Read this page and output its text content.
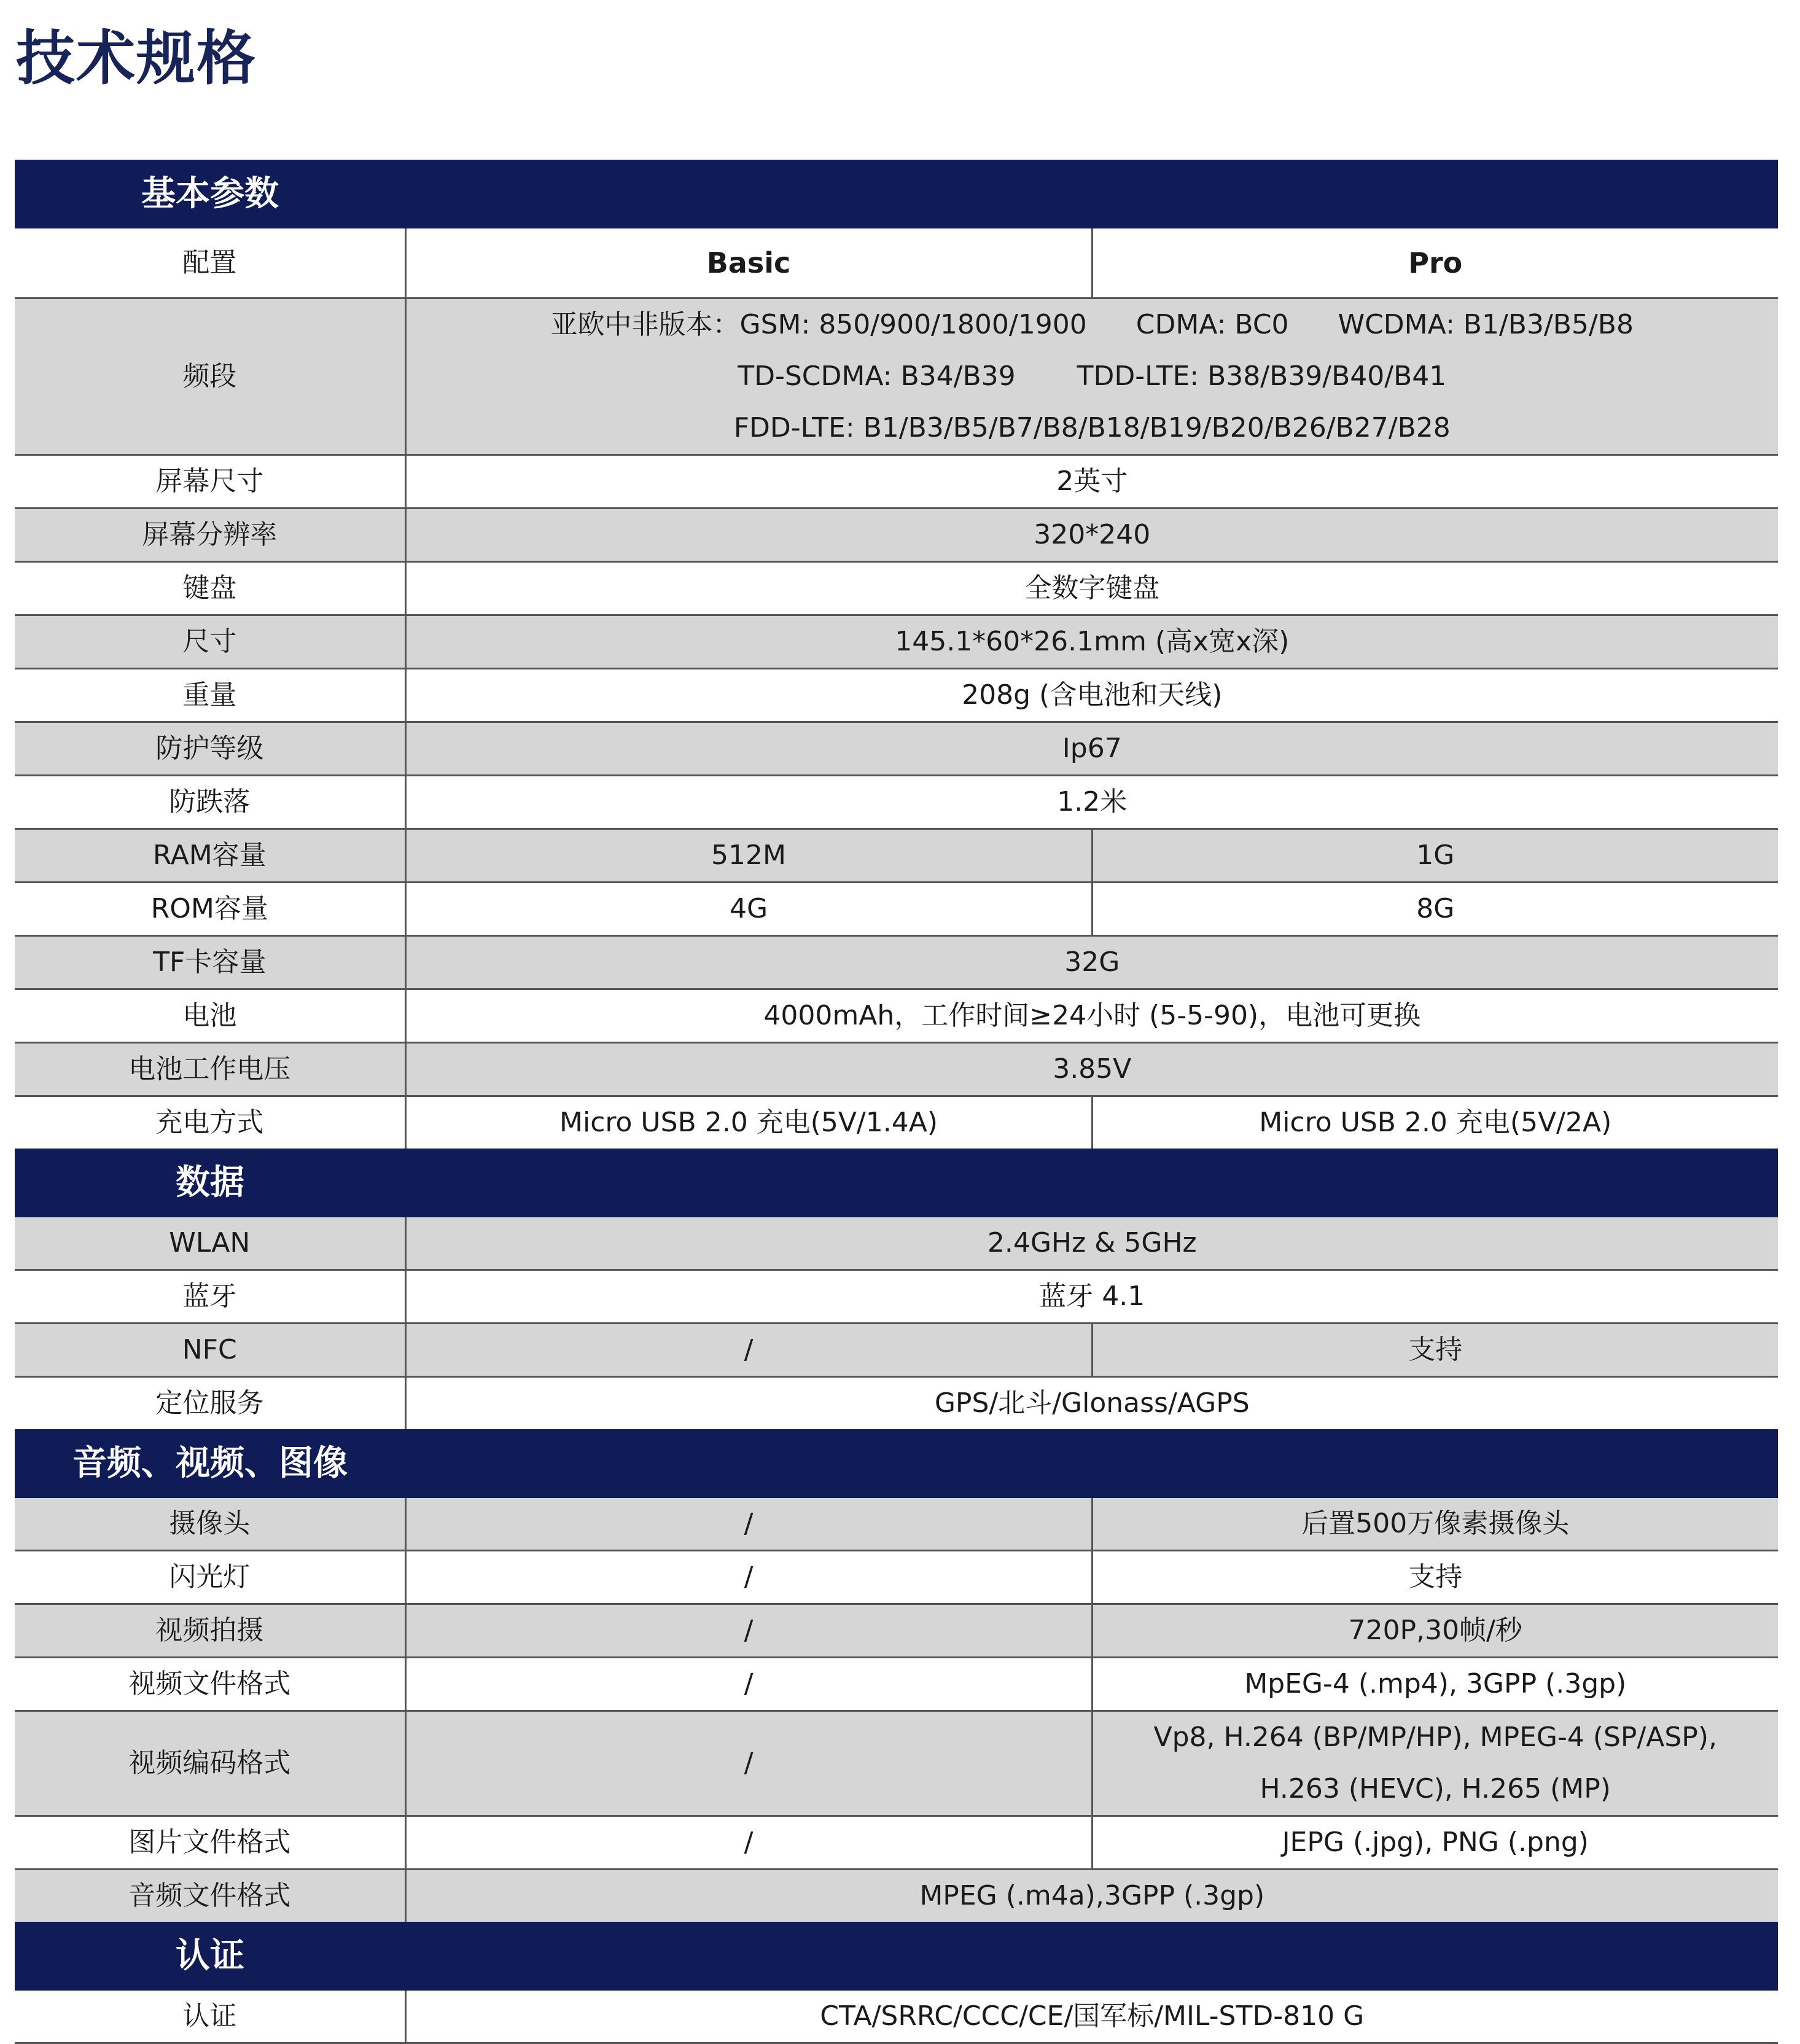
技术规格
基本参数		

配置	Basic	Pro
频段	亚欧中非版本：GSM: 850/900/1800/1900 CDMA: BC0 WCDMA: B1/B3/B5/B8
TD-SCDMA: B34/B39 TDD-LTE: B38/B39/B40/B41
FDD-LTE: B1/B3/B5/B7/B8/B18/B19/B20/B26/B27/B28	

屏幕尺寸	2英寸	
屏幕分辨率	320*240	
键盘	全数字键盘	
尺寸	145.1*60*26.1mm (高x宽x深)	
重量	208g (含电池和天线)	
防护等级	Ip67	
防跌落	1.2米	
RAM容量	512M	1G
ROM容量	4G	8G
TF卡容量	32G	
电池	4000mAh，工作时间≥24小时 (5-5-90)，电池可更换	
电池工作电压	3.85V	
充电方式	Micro USB 2.0 充电(5V/1.4A)	Micro USB 2.0 充电(5V/2A)

数据		

WLAN	2.4GHz & 5GHz	
蓝牙	蓝牙 4.1	
NFC	/	支持
定位服务	GPS/北斗/Glonass/AGPS	

音频、视频、图像		

摄像头	/	后置500万像素摄像头
闪光灯	/	支持
视频拍摄	/	720P,30帧/秒
视频文件格式	/	MpEG-4 (.mp4), 3GPP (.3gp)
视频编码格式	/	Vp8, H.264 (BP/MP/HP), MPEG-4 (SP/ASP),
H.263 (HEVC), H.265 (MP)

图片文件格式	/	JEPG (.jpg), PNG (.png)
音频文件格式	MPEG (.m4a),3GPP (.3gp)	

认证		

认证	CTA/SRRC/CCC/CE/国军标/MIL-STD-810 G	
